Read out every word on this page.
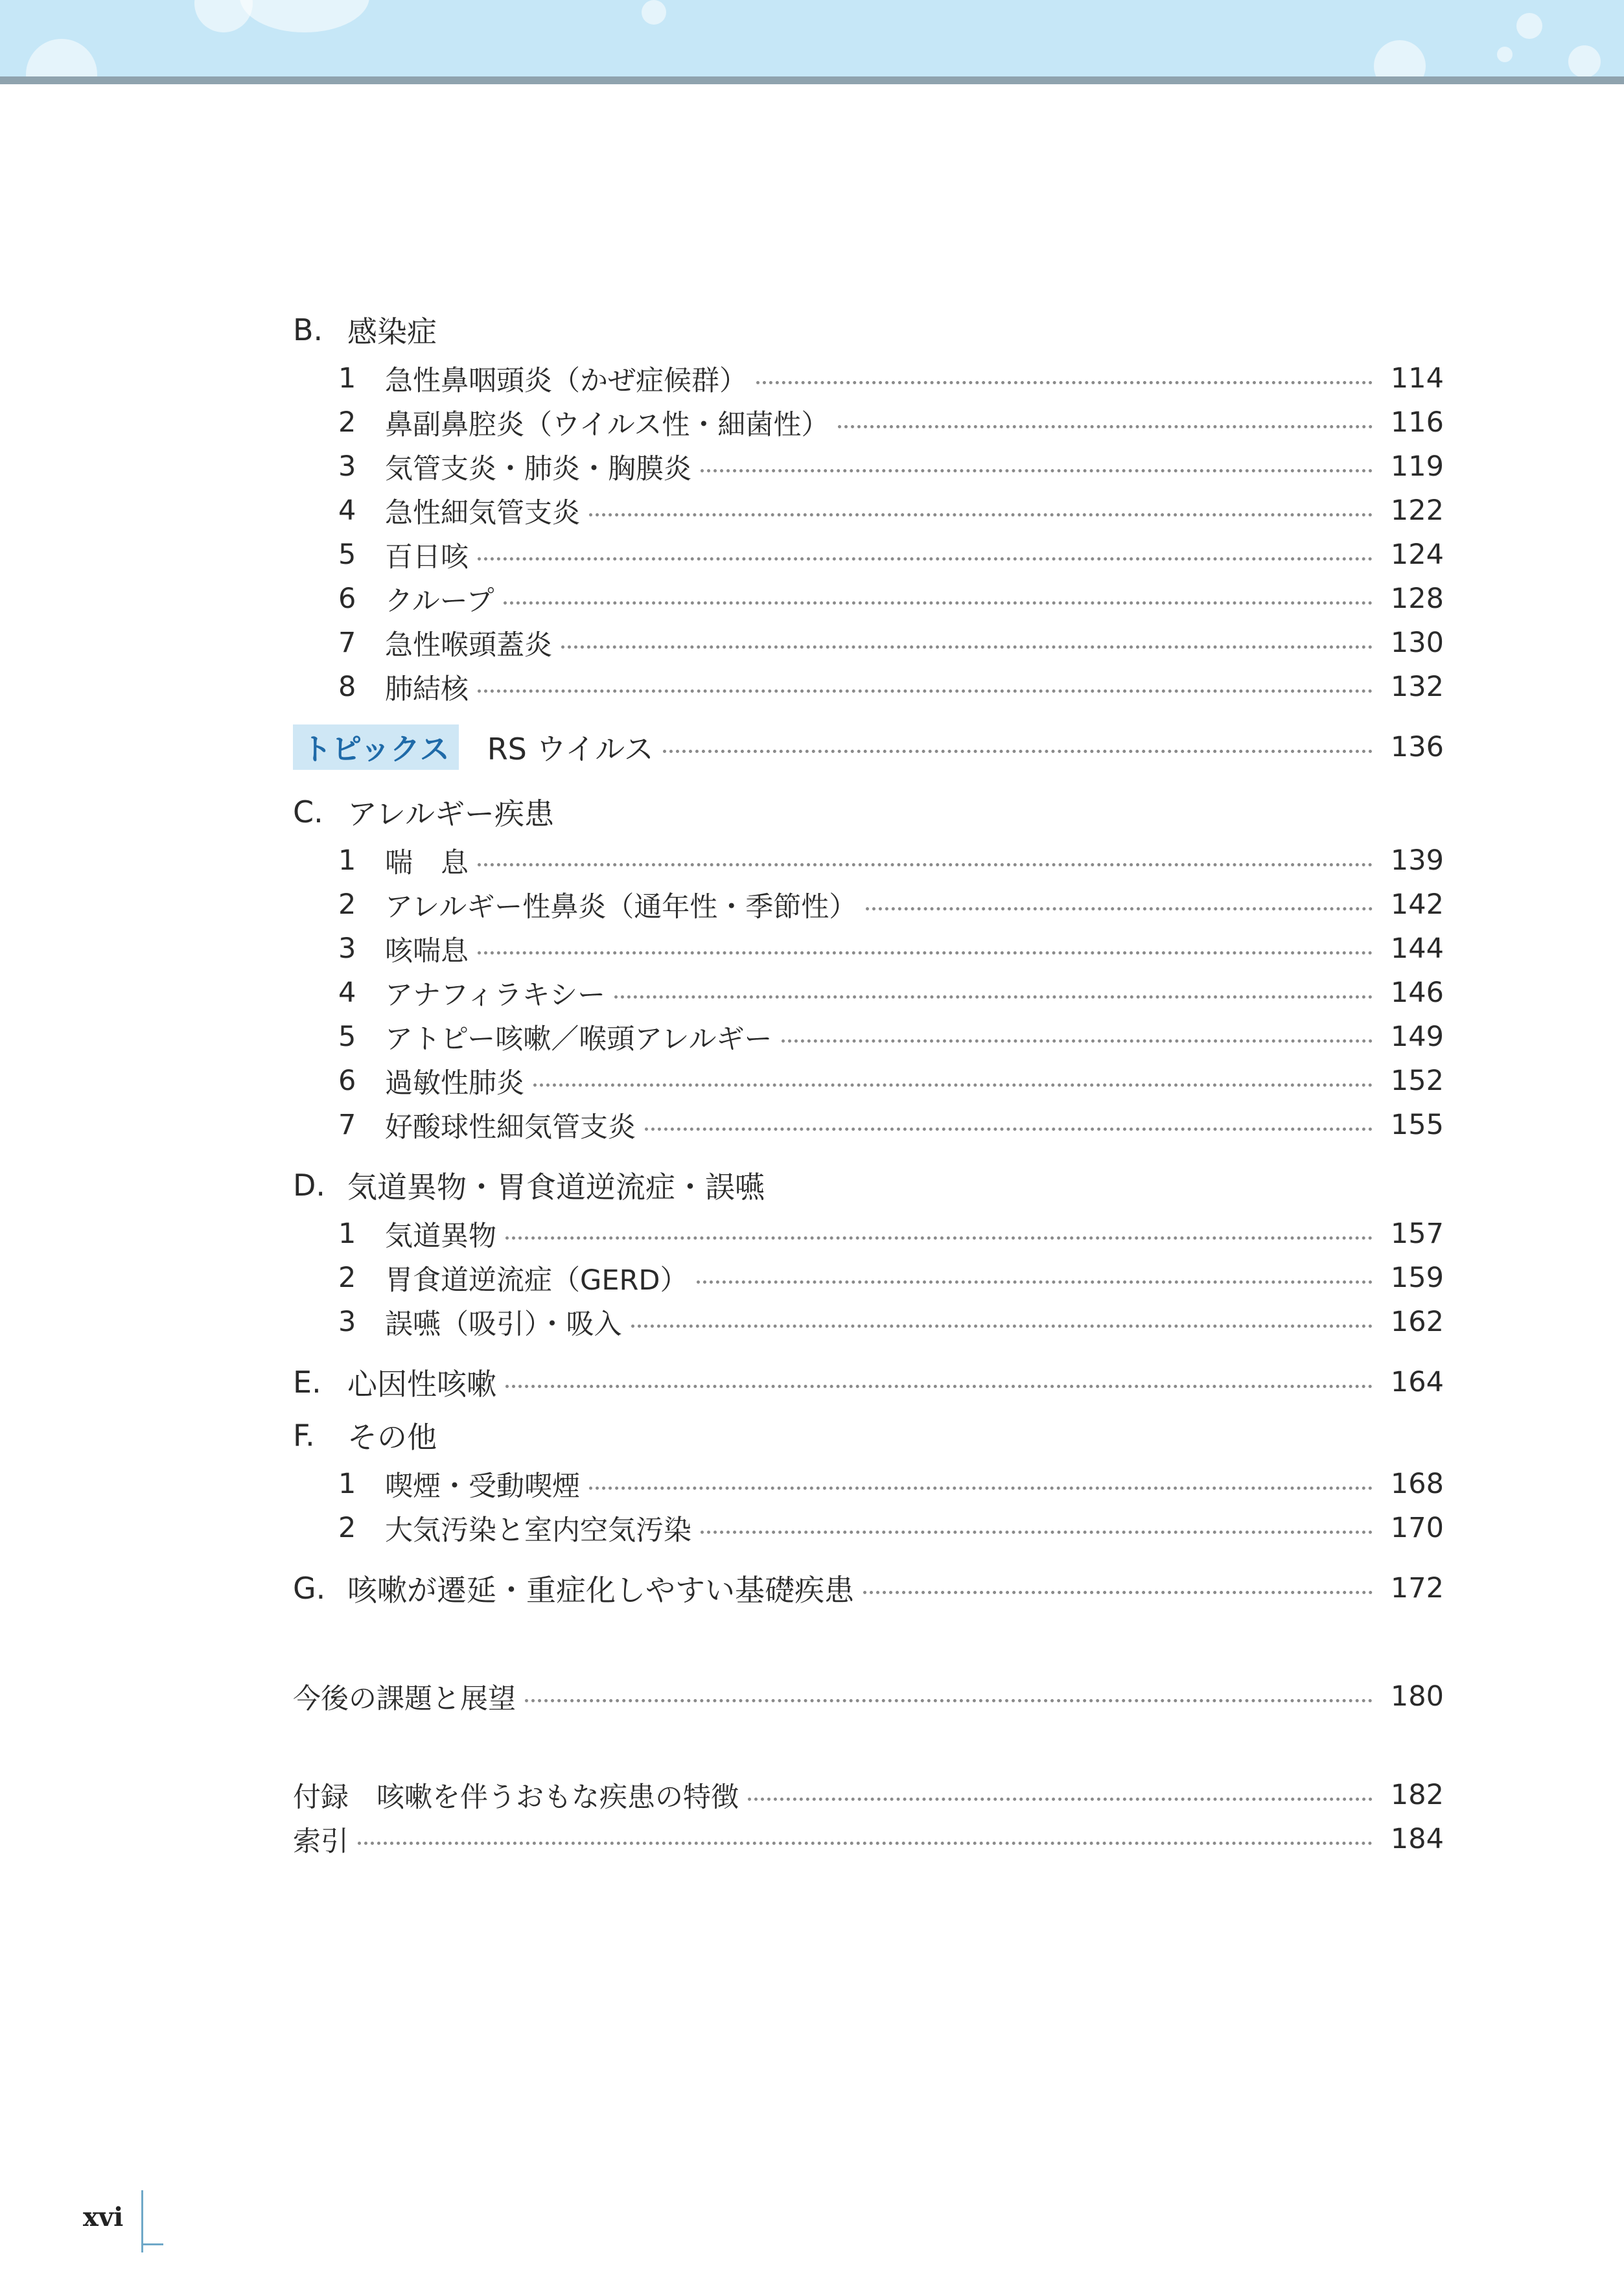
B. 感染症
1	急性鼻咽頭炎（かぜ症候群）	114
2	鼻副鼻腔炎（ウイルス性・細菌性）	116
3	気管支炎・肺炎・胸膜炎	119
4	急性細気管支炎	122
5	百日咳	124
6	クループ	128
7	急性喉頭蓋炎	130
8	肺結核	132
トピックス	RS ウイルス	136
C. アレルギー疾患
1	喘　息	139
2	アレルギー性鼻炎（通年性・季節性）	142
3	咳喘息	144
4	アナフィラキシー	146
5	アトピー咳嗽／喉頭アレルギー	149
6	過敏性肺炎	152
7	好酸球性細気管支炎	155
D. 気道異物・胃食道逆流症・誤嚥
1	気道異物	157
2	胃食道逆流症（GERD）	159
3	誤嚥（吸引）・吸入	162
E. 心因性咳嗽	164
F.	その他
1	喫煙・受動喫煙	168
2	大気汚染と室内空気汚染	170
G. 咳嗽が遷延・重症化しやすい基礎疾患	172
今後の課題と展望	180
付録　咳嗽を伴うおもな疾患の特徴	182
索引	184
xvi
